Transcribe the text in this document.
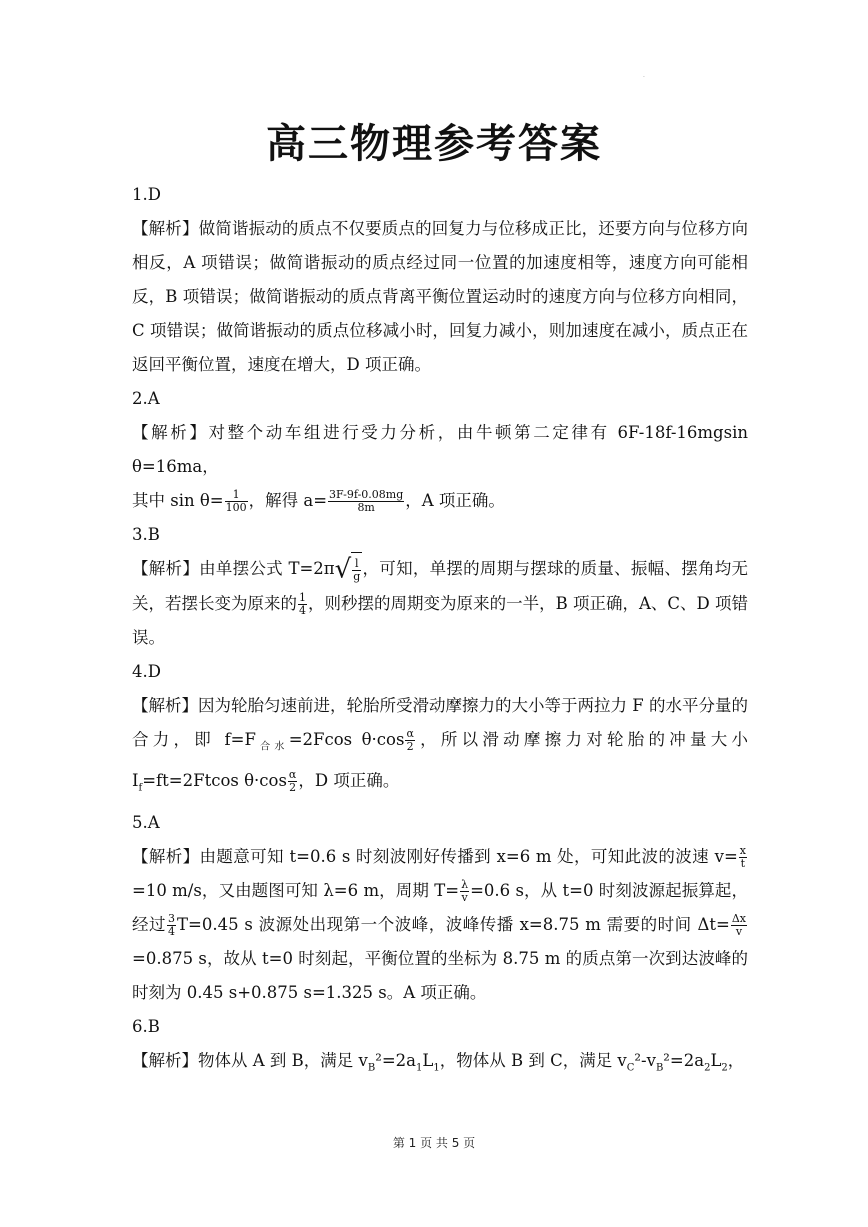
·
高三物理参考答案
1.D
【解析】做简谐振动的质点不仅要质点的回复力与位移成正比，还要方向与位移方向相反，A 项错误；做简谐振动的质点经过同一位置的加速度相等，速度方向可能相反，B 项错误；做简谐振动的质点背离平衡位置运动时的速度方向与位移方向相同，C 项错误；做简谐振动的质点位移减小时，回复力减小，则加速度在减小，质点正在返回平衡位置，速度在增大，D 项正确。
2.A
【解析】对整个动车组进行受力分析，由牛顿第二定律有 6F-18f-16mgsin θ=16ma，
其中 $\sin \theta= \frac{1}{100}$ ，解得 $a= \frac{3F-9f-0.08mg}{8m}$ ，A 项正确。
3.B
【解析】由单摆公式 $T=2\pi√ \frac{l}{g}$ ，可知，单摆的周期与摆球的质量、振幅、摆角均无关，若摆长变为原来的 $\frac{1}{4}$ ，则秒摆的周期变为原来的一半，B 项正确，A、C、D 项错误。
4.D
【解析】因为轮胎匀速前进，轮胎所受滑动摩擦力的大小等于两拉力 F 的水平分量的合力，即 $f=F_{合水}=2Fcos$ $\theta\cdot\cos \frac{\alpha}{2}$ ，所以滑动摩擦力对轮胎的冲量大小 $I_f=ft=2Ftcos$ $\theta\cdot\cos \frac{\alpha}{2}$ ，D 项正确。
5.A
【解析】由题意可知 t=0.6 s 时刻波刚好传播到 x=6 m 处，可知此波的波速 $v= \frac{x}{t}$
=10 m/s，又由题图可知 λ=6 m，周期 $T= \frac{\lambda}{v} =0.6$ s，从 t=0 时刻波源起振算起，经过 $\frac{3}{4} T=0.45$ s 波源处出现第一个波峰，波峰传播 x=8.75 m 需要的时间 $\Delta t= \frac{\Delta x}{v}$
=0.875 s，故从 t=0 时刻起，平衡位置的坐标为 8.75 m 的质点第一次到达波峰的时刻为 0.45 s+0.875 s=1.325 s。A 项正确。
6.B
【解析】物体从 A 到 B，满足 $v_B^2=2a_1L_1$，物体从 B 到 C，满足 $v_C^2-v_B^2=2a_2L_2$，
第 1 页 共 5 页
